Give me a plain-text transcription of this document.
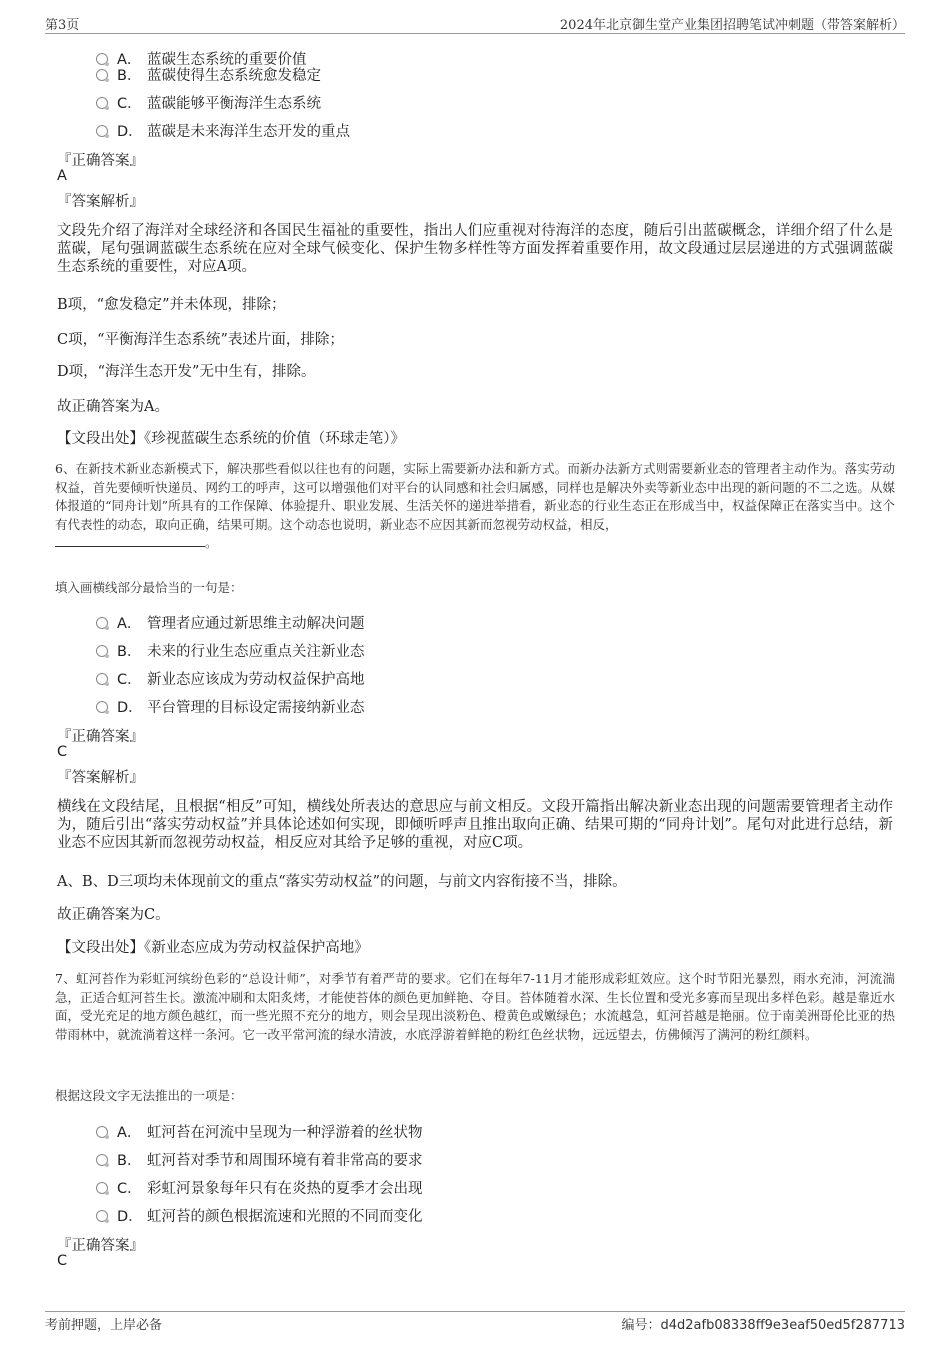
第3页	2024年北京御生堂产业集团招聘笔试冲刺题（带答案解析）
A． 蓝碳生态系统的重要价值
B． 蓝碳使得生态系统愈发稳定
C． 蓝碳能够平衡海洋生态系统
D． 蓝碳是未来海洋生态开发的重点
『正确答案』
A
『答案解析』
文段先介绍了海洋对全球经济和各国民生福祉的重要性，指出人们应重视对待海洋的态度，随后引出蓝碳概念，详细介绍了什么是蓝碳，尾句强调蓝碳生态系统在应对全球气候变化、保护生物多样性等方面发挥着重要作用，故文段通过层层递进的方式强调蓝碳生态系统的重要性，对应A项。
B项，“愈发稳定”并未体现，排除；
C项，“平衡海洋生态系统”表述片面，排除；
D项，“海洋生态开发”无中生有，排除。
故正确答案为A。
【文段出处】《珍视蓝碳生态系统的价值（环球走笔）》
6、在新技术新业态新模式下，解决那些看似以往也有的问题，实际上需要新办法和新方式。而新办法新方式则需要新业态的管理者主动作为。落实劳动权益，首先要倾听快递员、网约工的呼声，这可以增强他们对平台的认同感和社会归属感，同样也是解决外卖等新业态中出现的新问题的不二之选。从媒体报道的“同舟计划”所具有的工作保障、体验提升、职业发展、生活关怀的递进举措看，新业态的行业生态正在形成当中，权益保障正在落实当中。这个有代表性的动态，取向正确，结果可期。这个动态也说明，新业态不应因其新而忽视劳动权益，相反，
。
填入画横线部分最恰当的一句是：
A． 管理者应通过新思维主动解决问题
B． 未来的行业生态应重点关注新业态
C． 新业态应该成为劳动权益保护高地
D． 平台管理的目标设定需接纳新业态
『正确答案』
C
『答案解析』
横线在文段结尾，且根据“相反”可知，横线处所表达的意思应与前文相反。文段开篇指出解决新业态出现的问题需要管理者主动作为，随后引出“落实劳动权益”并具体论述如何实现，即倾听呼声且推出取向正确、结果可期的“同舟计划”。尾句对此进行总结，新业态不应因其新而忽视劳动权益，相反应对其给予足够的重视，对应C项。
A、B、D三项均未体现前文的重点“落实劳动权益”的问题，与前文内容衔接不当，排除。
故正确答案为C。
【文段出处】《新业态应成为劳动权益保护高地》
7、虹河苔作为彩虹河缤纷色彩的“总设计师”，对季节有着严苛的要求。它们在每年7-11月才能形成彩虹效应。这个时节阳光暴烈，雨水充沛，河流湍急，正适合虹河苔生长。激流冲刷和太阳炙烤，才能使苔体的颜色更加鲜艳、夺目。苔体随着水深、生长位置和受光多寡而呈现出多样色彩。越是靠近水面，受光充足的地方颜色越红，而一些光照不充分的地方，则会呈现出淡粉色、橙黄色或嫩绿色；水流越急，虹河苔越是艳丽。位于南美洲哥伦比亚的热带雨林中，就流淌着这样一条河。它一改平常河流的绿水清波，水底浮游着鲜艳的粉红色丝状物，远远望去，仿佛倾泻了满河的粉红颜料。
根据这段文字无法推出的一项是：
A． 虹河苔在河流中呈现为一种浮游着的丝状物
B． 虹河苔对季节和周围环境有着非常高的要求
C． 彩虹河景象每年只有在炎热的夏季才会出现
D． 虹河苔的颜色根据流速和光照的不同而变化
『正确答案』
C
考前押题，上岸必备	编号：d4d2afb08338ff9e3eaf50ed5f287713
